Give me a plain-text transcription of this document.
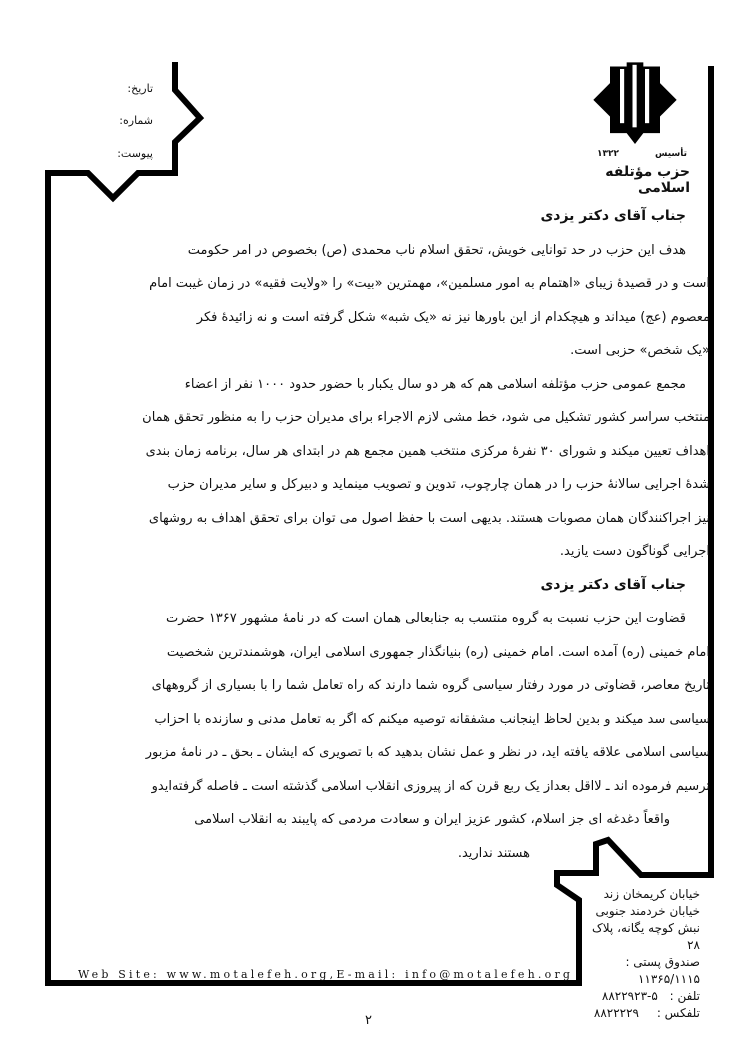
تاریخ:
شماره:
پیوست:	۱۳۲۲	تأسیس
حزب مؤتلفه اسلامی
جناب آقای دکتر یزدی
هدف این حزب در حد توانایی خویش، تحقق اسلام ناب محمدی (ص) بخصوص در امر حکومت
است و در قصیدهٔ زیبای «اهتمام به امور مسلمین»، مهمترین «بیت» را «ولایت فقیه» در زمان غیبت امام
معصوم (عج) میداند و هیچکدام از این باورها نیز نه «یک شبه» شکل گرفته است و نه زائیدهٔ فکر
«یک شخص» حزبی است.
مجمع عمومی حزب مؤتلفه اسلامی هم که هر دو سال یکبار با حضور حدود ۱۰۰۰ نفر از اعضاء
منتخب سراسر کشور تشکیل می شود، خط مشی لازم الاجراء برای مدیران حزب را به منظور تحقق همان
اهداف تعیین میکند و شورای ۳۰ نفرهٔ مرکزی منتخب همین مجمع هم در ابتدای هر سال، برنامه زمان بندی
شدهٔ اجرایی سالانهٔ حزب را در همان چارچوب، تدوین و تصویب مینماید و دبیرکل و سایر مدیران حزب
نیز اجراکنندگان همان مصوبات هستند. بدیهی است با حفظ اصول می توان برای تحقق اهداف به روشهای
اجرایی گوناگون دست یازید.
جناب آقای دکتر یزدی
قضاوت این حزب نسبت به گروه منتسب به جنابعالی همان است که در نامهٔ مشهور ۱۳۶۷ حضرت
امام خمینی (ره) آمده است. امام خمینی (ره) بنیانگذار جمهوری اسلامی ایران، هوشمندترین شخصیت
تاریخ معاصر، قضاوتی در مورد رفتار سیاسی گروه شما دارند که راه تعامل شما را با بسیاری از گروههای
سیاسی سد میکند و بدین لحاظ اینجانب مشفقانه توصیه میکنم که اگر به تعامل مدنی و سازنده با احزاب
سیاسی اسلامی علاقه یافته اید، در نظر و عمل نشان بدهید که با تصویری که ایشان ـ بحق ـ در نامهٔ مزبور
ترسیم فرموده اند ـ لااقل بعداز یک ربع قرن که از پیروزی انقلاب اسلامی گذشته است ـ فاصله گرفته‌ایدو
واقعاً دغدغه ای جز اسلام، کشور عزیز ایران و سعادت مردمی که پایبند به انقلاب اسلامی
هستند ندارید.
خیابان کریمخان زند
خیابان خردمند جنوبی
نبش کوچه یگانه، پلاک ۲۸
صندوق پستی :
۱۱۳۶۵/۱۱۱۵
تلفن : ۸۸۲۲۹۲۳-۵
تلفکس : ۸۸۲۲۲۲۹
Web Site: www.motalefeh.org,E-mail: info@motalefeh.org
۲
